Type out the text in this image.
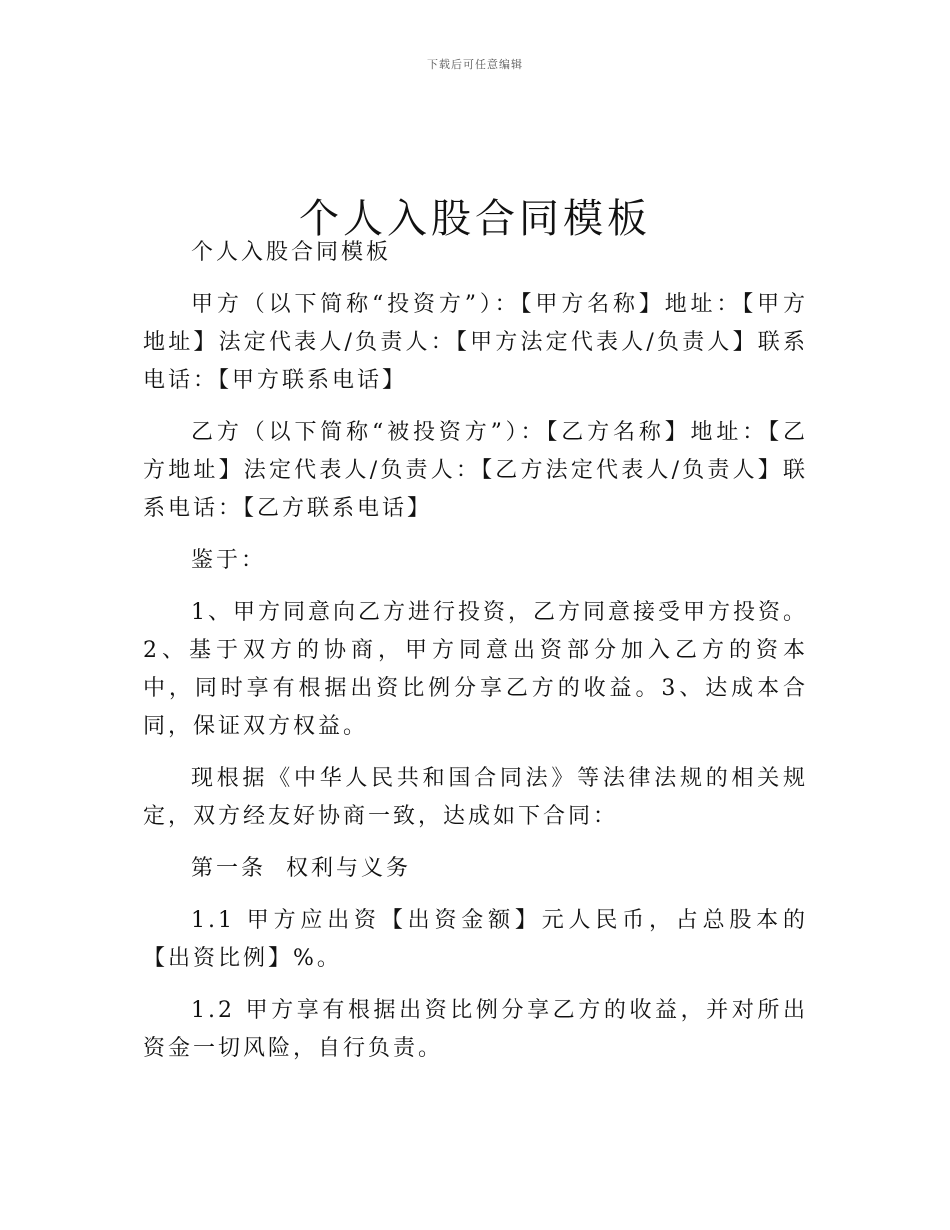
下载后可任意编辑
个人入股合同模板

个人入股合同模板

甲方（以下简称“投资方”）：【甲方名称】地址：【甲方地址】法定代表人/负责人：【甲方法定代表人/负责人】联系电话：【甲方联系电话】

乙方（以下简称“被投资方”）：【乙方名称】地址：【乙方地址】法定代表人/负责人：【乙方法定代表人/负责人】联系电话：【乙方联系电话】

鉴于：

1、甲方同意向乙方进行投资，乙方同意接受甲方投资。2、基于双方的协商，甲方同意出资部分加入乙方的资本中，同时享有根据出资比例分享乙方的收益。3、达成本合同，保证双方权益。

现根据《中华人民共和国合同法》等法律法规的相关规定，双方经友好协商一致，达成如下合同：

第一条  权利与义务

1.1 甲方应出资【出资金额】元人民币，占总股本的【出资比例】%。

1.2 甲方享有根据出资比例分享乙方的收益，并对所出资金一切风险，自行负责。
